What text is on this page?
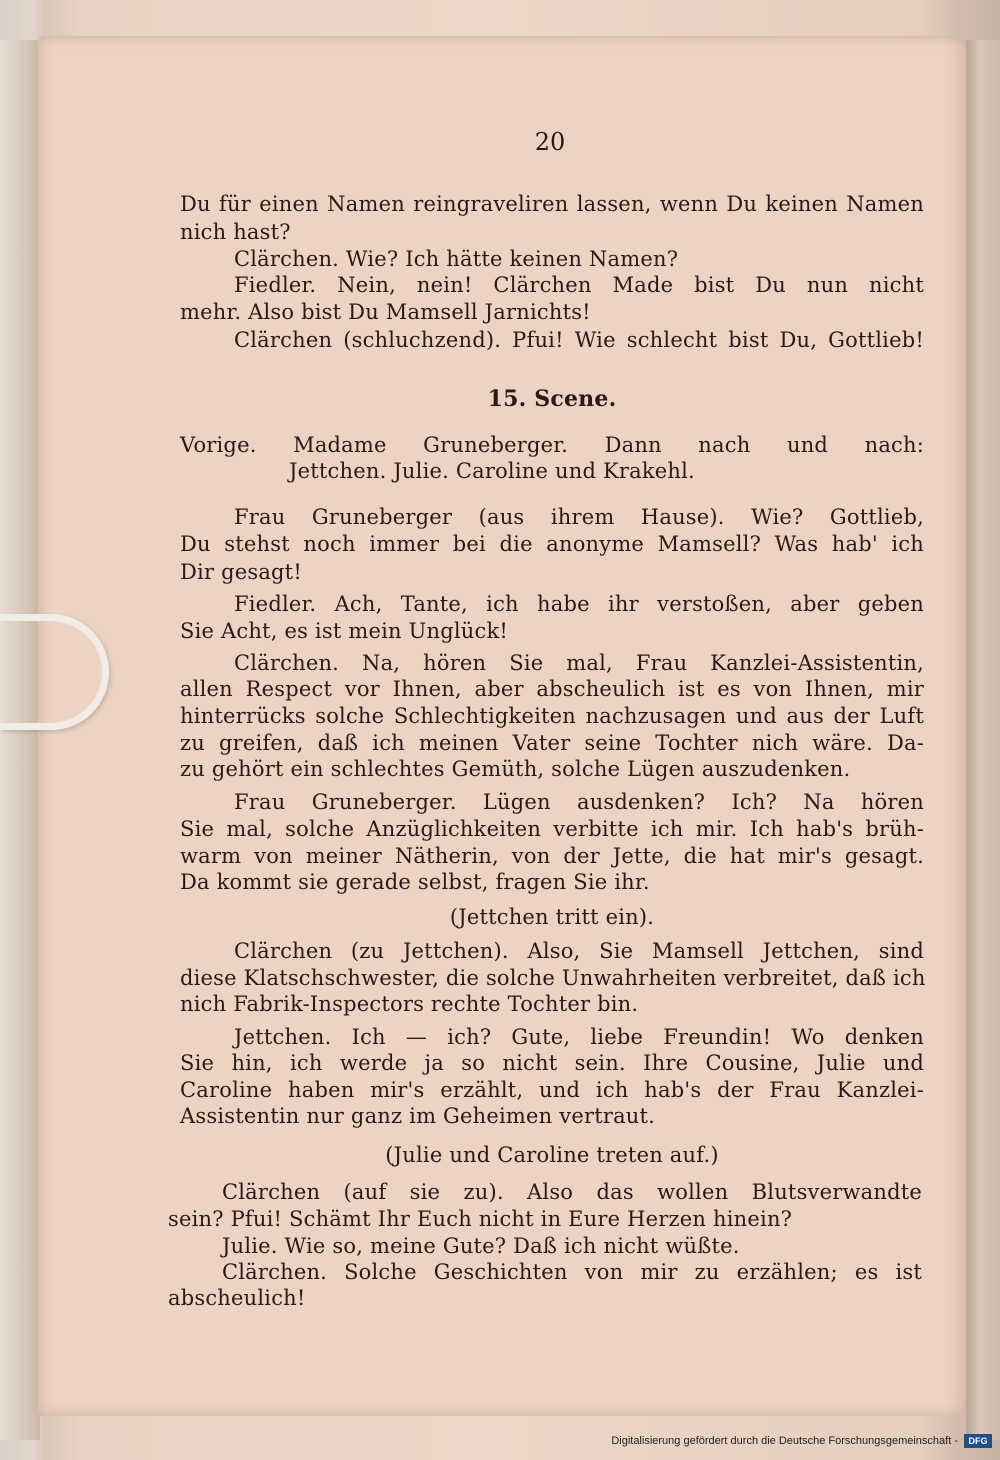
20
Du für einen Namen reingraveliren lassen, wenn Du keinen Namen
nich hast?
Clärchen. Wie? Ich hätte keinen Namen?
Fiedler. Nein, nein! Clärchen Made bist Du nun nicht
mehr. Also bist Du Mamsell Jarnichts!
Clärchen (schluchzend). Pfui! Wie schlecht bist Du, Gottlieb!
15. Scene.
Vorige. Madame Gruneberger. Dann nach und nach:
Jettchen. Julie. Caroline und Krakehl.
Frau Gruneberger (aus ihrem Hause). Wie? Gottlieb,
Du stehst noch immer bei die anonyme Mamsell? Was hab' ich
Dir gesagt!
Fiedler. Ach, Tante, ich habe ihr verstoßen, aber geben
Sie Acht, es ist mein Unglück!
Clärchen. Na, hören Sie mal, Frau Kanzlei-Assistentin,
allen Respect vor Ihnen, aber abscheulich ist es von Ihnen, mir
hinterrücks solche Schlechtigkeiten nachzusagen und aus der Luft
zu greifen, daß ich meinen Vater seine Tochter nich wäre. Da-
zu gehört ein schlechtes Gemüth, solche Lügen auszudenken.
Frau Gruneberger. Lügen ausdenken? Ich? Na hören
Sie mal, solche Anzüglichkeiten verbitte ich mir. Ich hab's brüh-
warm von meiner Nätherin, von der Jette, die hat mir's gesagt.
Da kommt sie gerade selbst, fragen Sie ihr.
(Jettchen tritt ein).
Clärchen (zu Jettchen). Also, Sie Mamsell Jettchen, sind
diese Klatschschwester, die solche Unwahrheiten verbreitet, daß ich
nich Fabrik-Inspectors rechte Tochter bin.
Jettchen. Ich — ich? Gute, liebe Freundin! Wo denken
Sie hin, ich werde ja so nicht sein. Ihre Cousine, Julie und
Caroline haben mir's erzählt, und ich hab's der Frau Kanzlei-
Assistentin nur ganz im Geheimen vertraut.
(Julie und Caroline treten auf.)
Clärchen (auf sie zu). Also das wollen Blutsverwandte
sein? Pfui! Schämt Ihr Euch nicht in Eure Herzen hinein?
Julie. Wie so, meine Gute? Daß ich nicht wüßte.
Clärchen. Solche Geschichten von mir zu erzählen; es ist
abscheulich!
Digitalisierung gefördert durch die Deutsche Forschungsgemeinschaft -	DFG
